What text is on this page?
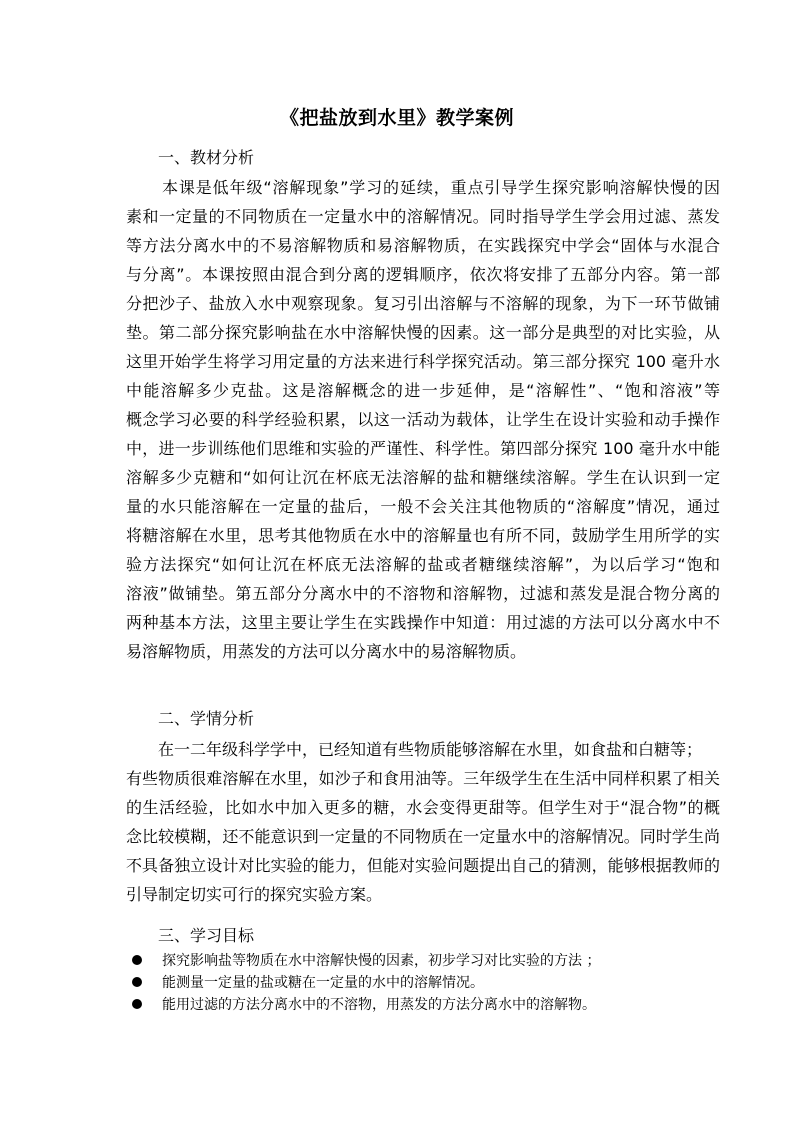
《把盐放到水里》教学案例
一、教材分析
本课是低年级“溶解现象”学习的延续，重点引导学生探究影响溶解快慢的因
素和一定量的不同物质在一定量水中的溶解情况。同时指导学生学会用过滤、蒸发
等方法分离水中的不易溶解物质和易溶解物质，在实践探究中学会“固体与水混合
与分离”。本课按照由混合到分离的逻辑顺序，依次将安排了五部分内容。第一部
分把沙子、盐放入水中观察现象。复习引出溶解与不溶解的现象，为下一环节做铺
垫。第二部分探究影响盐在水中溶解快慢的因素。这一部分是典型的对比实验，从
这里开始学生将学习用定量的方法来进行科学探究活动。第三部分探究 100 毫升水
中能溶解多少克盐。这是溶解概念的进一步延伸，是“溶解性”、“饱和溶液”等
概念学习必要的科学经验积累，以这一活动为载体，让学生在设计实验和动手操作
中，进一步训练他们思维和实验的严谨性、科学性。第四部分探究 100 毫升水中能
溶解多少克糖和“如何让沉在杯底无法溶解的盐和糖继续溶解。学生在认识到一定
量的水只能溶解在一定量的盐后，一般不会关注其他物质的“溶解度”情况，通过
将糖溶解在水里，思考其他物质在水中的溶解量也有所不同，鼓励学生用所学的实
验方法探究“如何让沉在杯底无法溶解的盐或者糖继续溶解”，为以后学习“饱和
溶液”做铺垫。第五部分分离水中的不溶物和溶解物，过滤和蒸发是混合物分离的
两种基本方法，这里主要让学生在实践操作中知道：用过滤的方法可以分离水中不
易溶解物质，用蒸发的方法可以分离水中的易溶解物质。
二、学情分析
在一二年级科学学中，已经知道有些物质能够溶解在水里，如食盐和白糖等；
有些物质很难溶解在水里，如沙子和食用油等。三年级学生在生活中同样积累了相关
的生活经验，比如水中加入更多的糖，水会变得更甜等。但学生对于“混合物”的概
念比较模糊，还不能意识到一定量的不同物质在一定量水中的溶解情况。同时学生尚
不具备独立设计对比实验的能力，但能对实验问题提出自己的猜测，能够根据教师的
引导制定切实可行的探究实验方案。
三、学习目标
探究影响盐等物质在水中溶解快慢的因素，初步学习对比实验的方法 ；
能测量一定量的盐或糖在一定量的水中的溶解情况。
能用过滤的方法分离水中的不溶物，用蒸发的方法分离水中的溶解物。
